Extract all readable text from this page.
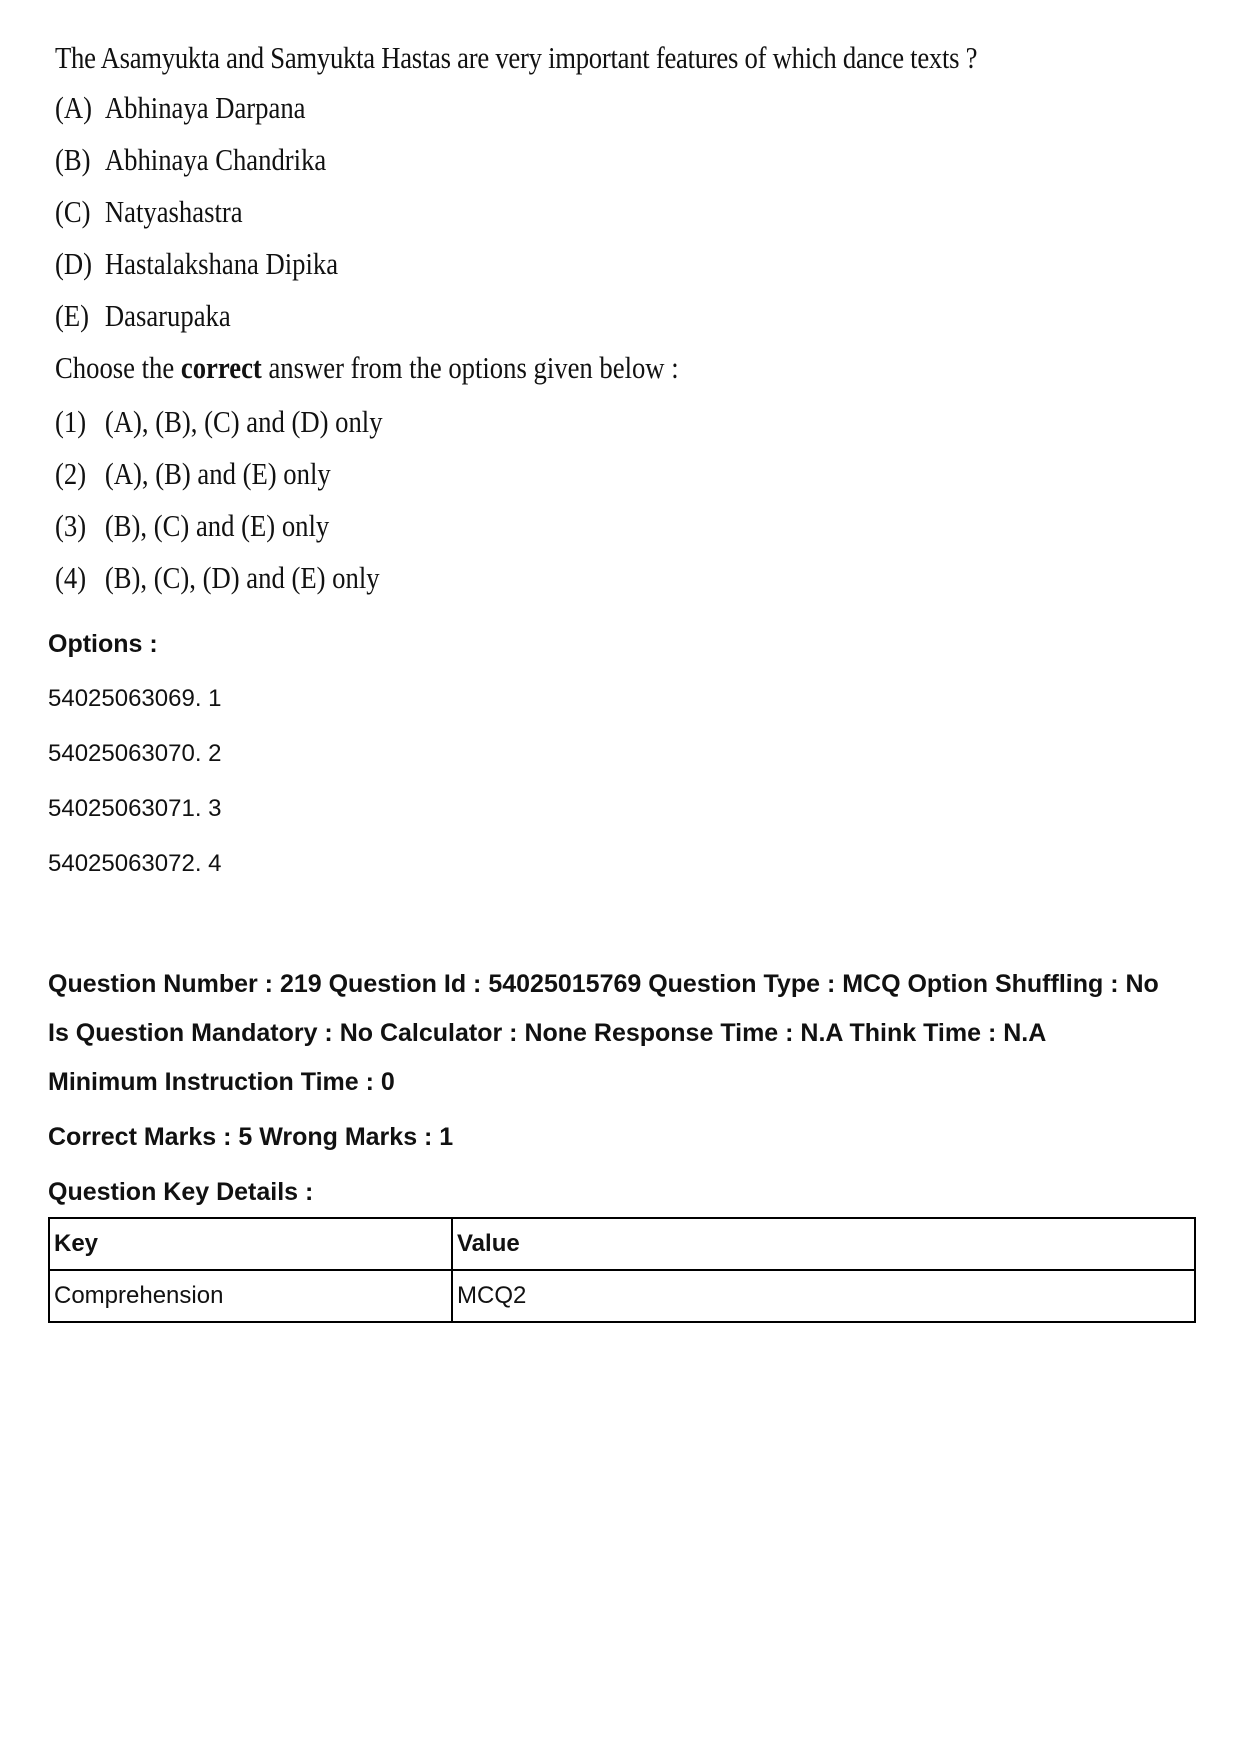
The Asamyukta and Samyukta Hastas are very important features of which dance texts ?

(A) Abhinaya Darpana
(B) Abhinaya Chandrika
(C) Natyashastra
(D) Hastalakshana Dipika
(E) Dasarupaka
Choose the correct answer from the options given below :
(1) (A), (B), (C) and (D) only
(2) (A), (B) and (E) only
(3) (B), (C) and (E) only
(4) (B), (C), (D) and (E) only
Options :
54025063069. 1
54025063070. 2
54025063071. 3
54025063072. 4
Question Number : 219 Question Id : 54025015769 Question Type : MCQ Option Shuffling : No
Is Question Mandatory : No Calculator : None Response Time : N.A Think Time : N.A
Minimum Instruction Time : 0
Correct Marks : 5 Wrong Marks : 1
Question Key Details :
Key	Value
Comprehension	MCQ2
